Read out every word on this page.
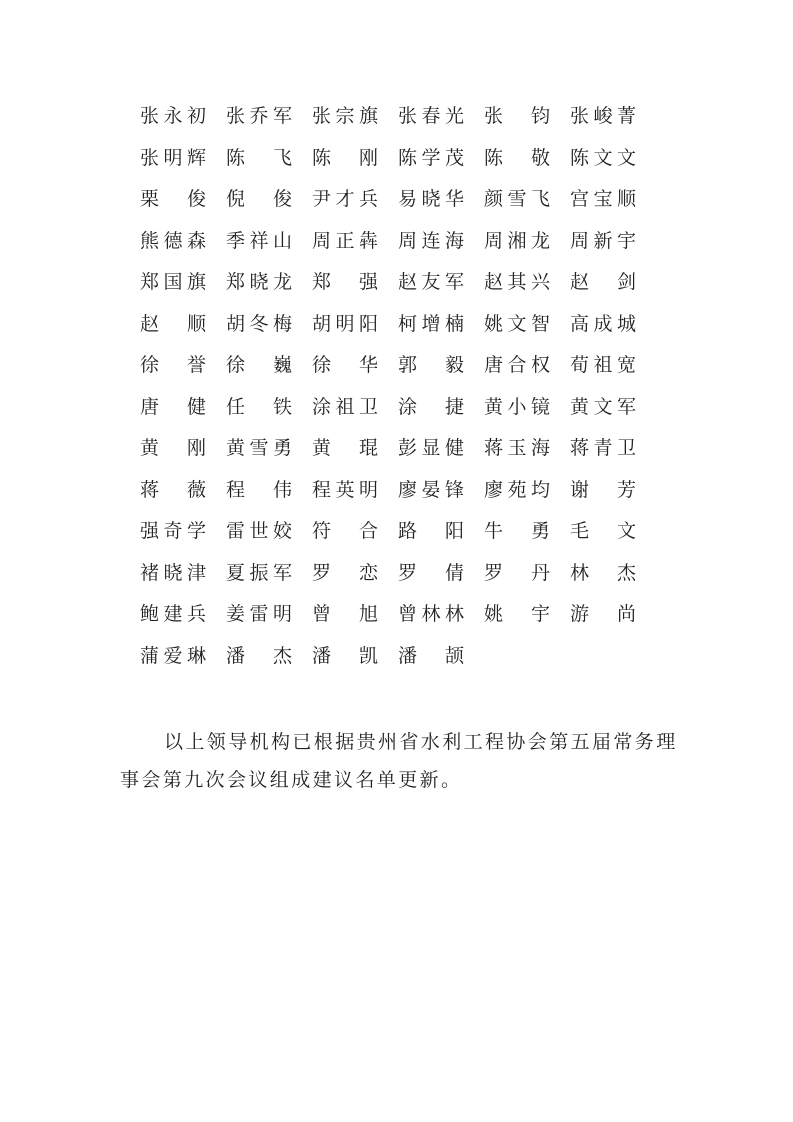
张 永 初 张 乔 军 张 宗 旗 张 春 光 张 钧 张 峻 菁
张 明 辉 陈 飞 陈 刚 陈 学 茂 陈 敬 陈 文 文
栗 俊 倪 俊 尹 才 兵 易 晓 华 颜 雪 飞 宫 宝 顺
熊 德 森 季 祥 山 周 正 犇 周 连 海 周 湘 龙 周 新 宇
郑 国 旗 郑 晓 龙 郑 强 赵 友 军 赵 其 兴 赵 剑
赵 顺 胡 冬 梅 胡 明 阳 柯 增 楠 姚 文 智 高 成 城
徐 誉 徐 巍 徐 华 郭 毅 唐 合 权 荀 祖 宽
唐 健 任 铁 涂 祖 卫 涂 捷 黄 小 镜 黄 文 军
黄 刚 黄 雪 勇 黄 琨 彭 显 健 蒋 玉 海 蒋 青 卫
蒋 薇 程 伟 程 英 明 廖 晏 锋 廖 苑 均 谢 芳
强 奇 学 雷 世 姣 符 合 路 阳 牛 勇 毛 文
褚 晓 津 夏 振 军 罗 恋 罗 倩 罗 丹 林 杰
鲍 建 兵 姜 雷 明 曾 旭 曾 林 林 姚 宇 游 尚
蒲 爱 琳 潘 杰 潘 凯 潘 颉

以上领导机构已根据贵州省水利工程协会第五届常务理事会第九次会议组成建议名单更新。
